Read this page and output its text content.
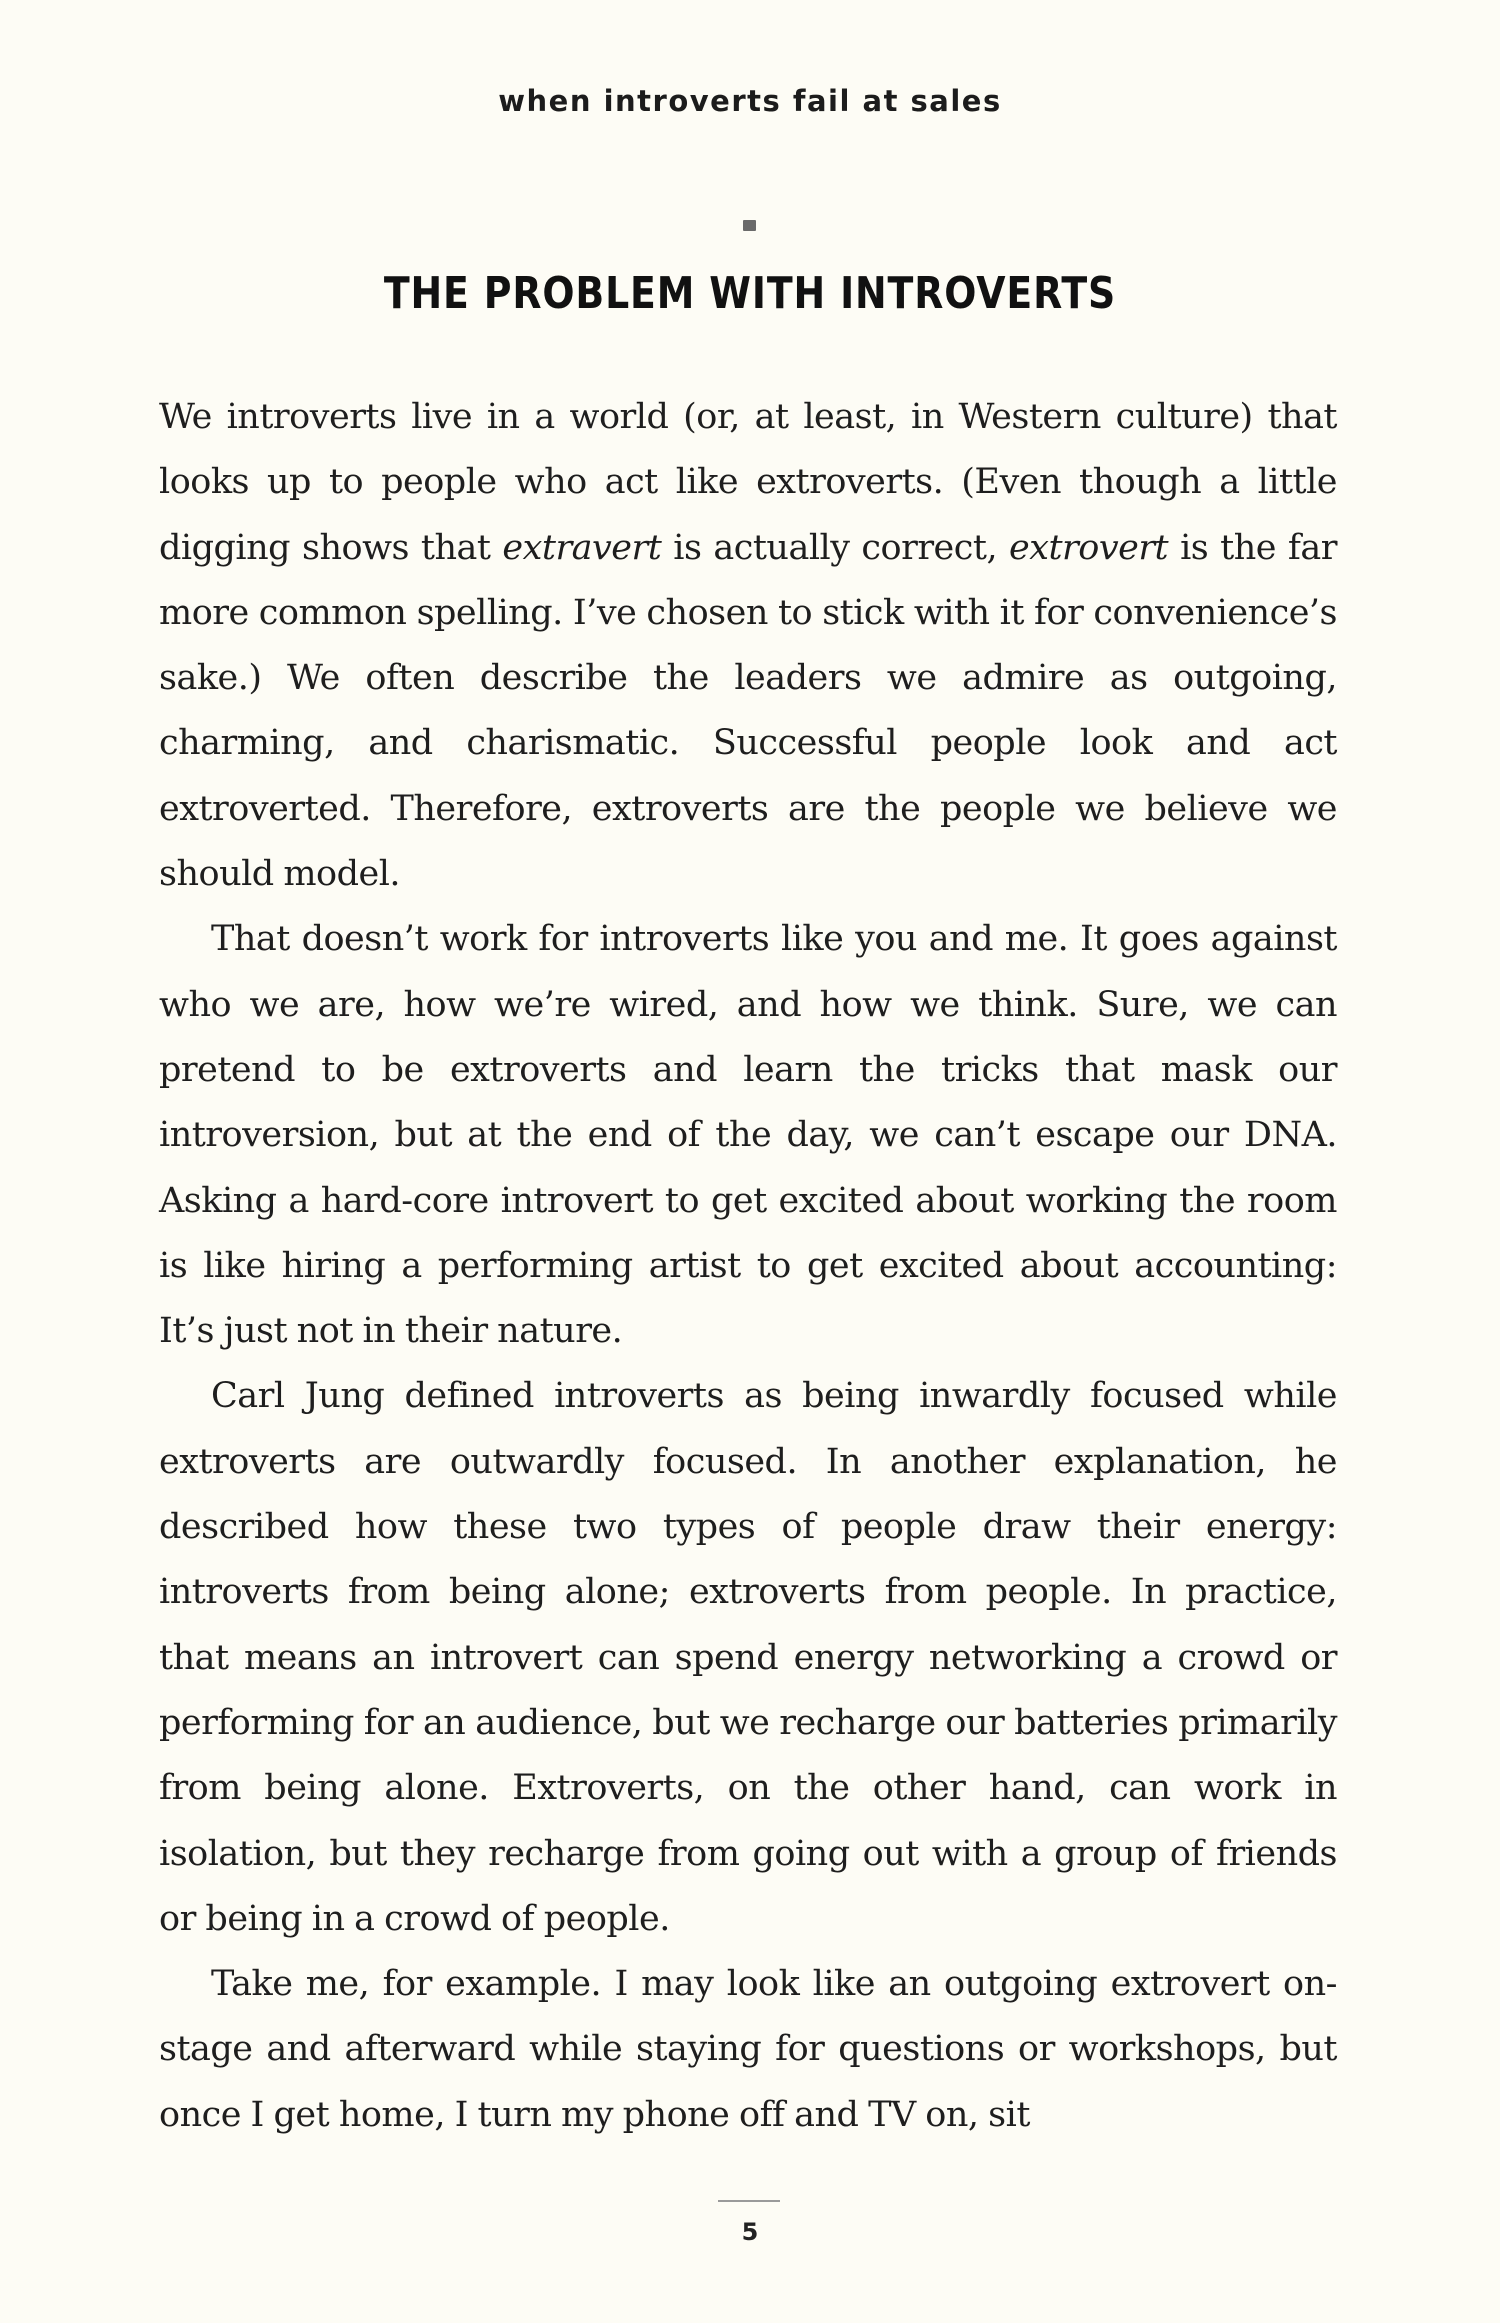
when introverts fail at sales
THE PROBLEM WITH INTROVERTS

We introverts live in a world (or, at least, in Western culture) that looks up to people who act like extroverts. (Even though a little digging shows that extravert is actually correct, extrovert is the far more common spelling. I’ve chosen to stick with it for convenience’s sake.) We often describe the leaders we admire as outgoing, charming, and charismatic. Successful people look and act extroverted. Therefore, extroverts are the people we believe we should model.

That doesn’t work for introverts like you and me. It goes against who we are, how we’re wired, and how we think. Sure, we can pretend to be extroverts and learn the tricks that mask our introversion, but at the end of the day, we can’t escape our DNA. Asking a hard-core introvert to get excited about working the room is like hiring a performing artist to get excited about accounting: It’s just not in their nature.

Carl Jung defined introverts as being inwardly focused while extroverts are outwardly focused. In another explanation, he described how these two types of people draw their energy: introverts from being alone; extroverts from people. In practice, that means an introvert can spend energy networking a crowd or performing for an audience, but we recharge our batteries primarily from being alone. Extroverts, on the other hand, can work in isolation, but they recharge from going out with a group of friends or being in a crowd of people.

Take me, for example. I may look like an outgoing extrovert on-stage and afterward while staying for questions or workshops, but once I get home, I turn my phone off and TV on, sit

5
